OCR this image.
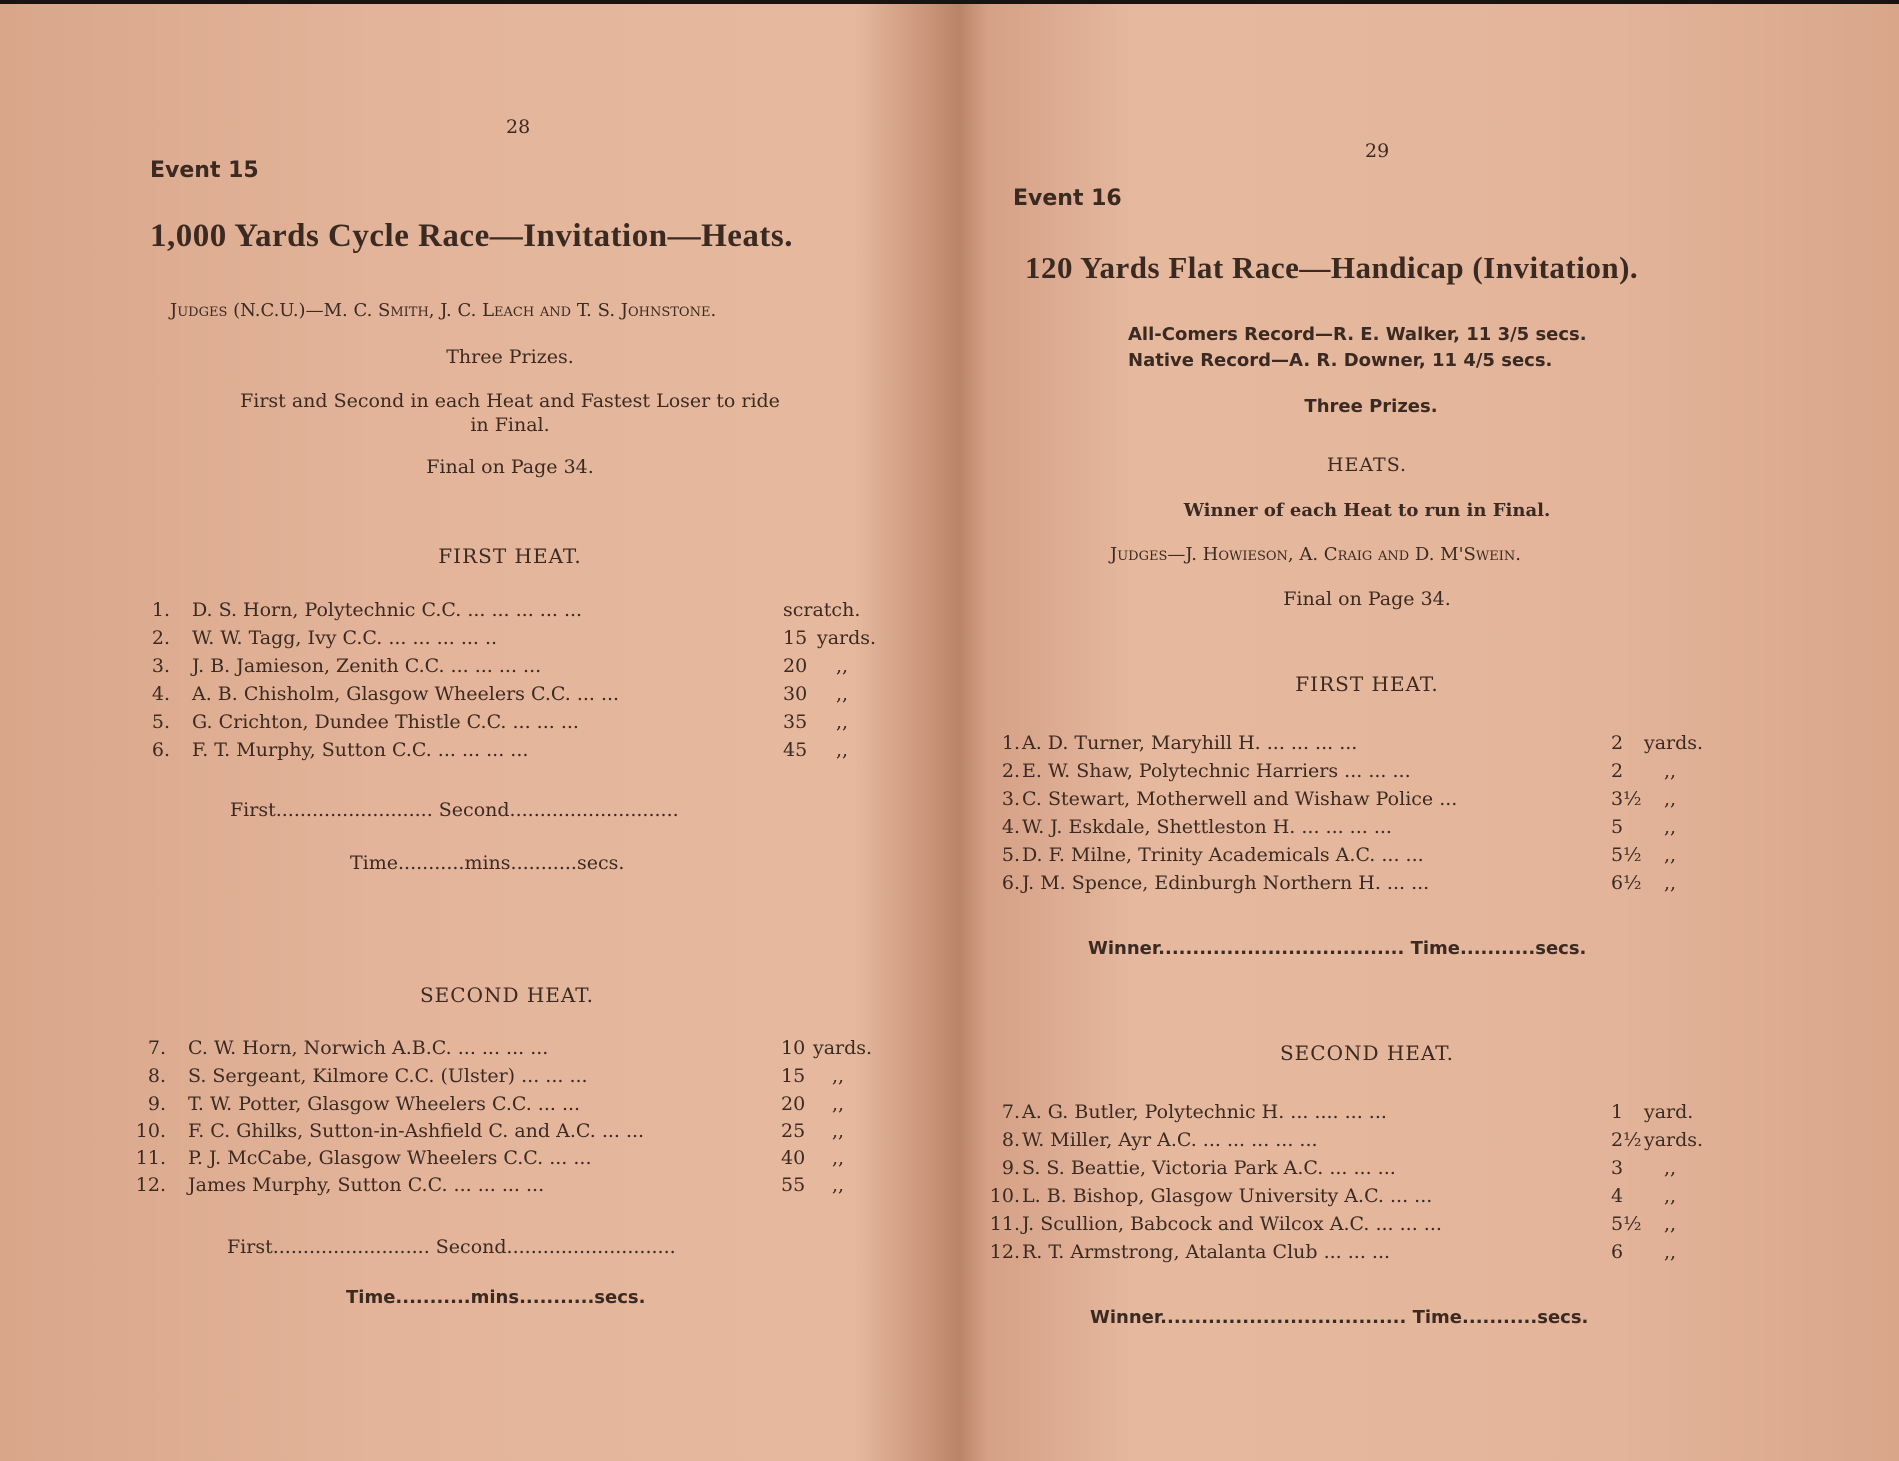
28
Event 15
1,000 Yards Cycle Race—Invitation—Heats.
Judges (N.C.U.)—M. C. Smith, J. C. Leach and T. S. Johnstone.
Three Prizes.
First and Second in each Heat and Fastest Loser to ride
in Final.
Final on Page 34.
FIRST HEAT.
1. D. S. Horn, Polytechnic C.C. ... ... ... ... ...	scratch.
2. W. W. Tagg, Ivy C.C. ... ... ... ... ..	15 yards.
3. J. B. Jamieson, Zenith C.C. ... ... ... ...	20 ,,
4. A. B. Chisholm, Glasgow Wheelers C.C. ... ...	30 ,,
5. G. Crichton, Dundee Thistle C.C. ... ... ...	35 ,,
6. F. T. Murphy, Sutton C.C. ... ... ... ...	45 ,,
First.......................... Second............................
Time...........mins...........secs.
SECOND HEAT.
7. C. W. Horn, Norwich A.B.C. ... ... ... ...	10 yards.
8. S. Sergeant, Kilmore C.C. (Ulster) ... ... ...	15 ,,
9. T. W. Potter, Glasgow Wheelers C.C. ... ...	20 ,,
10. F. C. Ghilks, Sutton-in-Ashfield C. and A.C. ... ...	25 ,,
11. P. J. McCabe, Glasgow Wheelers C.C. ... ...	40 ,,
12. James Murphy, Sutton C.C. ... ... ... ...	55 ,,
First.......................... Second............................
Time...........mins...........secs.
29
Event 16
120 Yards Flat Race—Handicap (Invitation).
All-Comers Record—R. E. Walker, 11 3/5 secs.
Native Record—A. R. Downer, 11 4/5 secs.
Three Prizes.
HEATS.
Winner of each Heat to run in Final.
Judges—J. Howieson, A. Craig and D. M'Swein.
Final on Page 34.
FIRST HEAT.
1. A. D. Turner, Maryhill H. ... ... ... ...	2 yards.
2. E. W. Shaw, Polytechnic Harriers ... ... ...	2 ,,
3. C. Stewart, Motherwell and Wishaw Police ...	3½ ,,
4. W. J. Eskdale, Shettleston H. ... ... ... ...	5 ,,
5. D. F. Milne, Trinity Academicals A.C. ... ...	5½ ,,
6. J. M. Spence, Edinburgh Northern H. ... ...	6½ ,,
Winner.................................... Time...........secs.
SECOND HEAT.
7. A. G. Butler, Polytechnic H. ... .... ... ...	1 yard.
8. W. Miller, Ayr A.C. ... ... ... ... ...	2½ yards.
9. S. S. Beattie, Victoria Park A.C. ... ... ...	3 ,,
10. L. B. Bishop, Glasgow University A.C. ... ...	4 ,,
11. J. Scullion, Babcock and Wilcox A.C. ... ... ...	5½ ,,
12. R. T. Armstrong, Atalanta Club ... ... ...	6 ,,
Winner.................................... Time...........secs.
